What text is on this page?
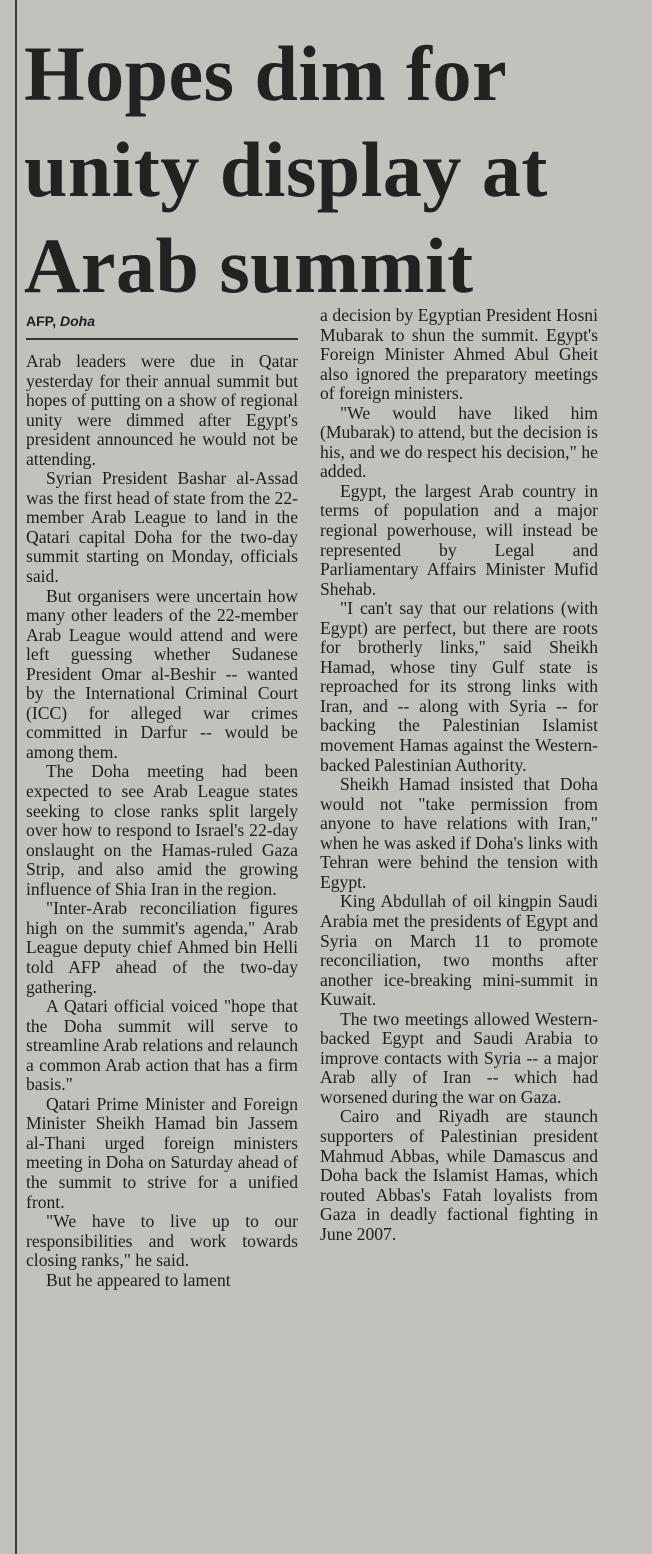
Hopes dim for
unity display at
Arab summit
AFP, Doha

Arab leaders were due in Qatar yesterday for their annual summit but hopes of putting on a show of regional unity were dimmed after Egypt's president announced he would not be attending.

Syrian President Bashar al-Assad was the first head of state from the 22-member Arab League to land in the Qatari capital Doha for the two-day summit starting on Monday, officials said.

But organisers were uncertain how many other leaders of the 22-member Arab League would attend and were left guessing whether Sudanese President Omar al-Beshir -- wanted by the International Criminal Court (ICC) for alleged war crimes committed in Darfur -- would be among them.

The Doha meeting had been expected to see Arab League states seeking to close ranks split largely over how to respond to Israel's 22-day onslaught on the Hamas-ruled Gaza Strip, and also amid the growing influence of Shia Iran in the region.

"Inter-Arab reconciliation figures high on the summit's agenda," Arab League deputy chief Ahmed bin Helli told AFP ahead of the two-day gathering.

A Qatari official voiced "hope that the Doha summit will serve to streamline Arab relations and relaunch a common Arab action that has a firm basis."

Qatari Prime Minister and Foreign Minister Sheikh Hamad bin Jassem al-Thani urged foreign ministers meeting in Doha on Saturday ahead of the summit to strive for a unified front.

"We have to live up to our responsibilities and work towards closing ranks," he said.

But he appeared to lament

a decision by Egyptian President Hosni Mubarak to shun the summit. Egypt's Foreign Minister Ahmed Abul Gheit also ignored the preparatory meetings of foreign ministers.

"We would have liked him (Mubarak) to attend, but the decision is his, and we do respect his decision," he added.

Egypt, the largest Arab country in terms of population and a major regional powerhouse, will instead be represented by Legal and Parliamentary Affairs Minister Mufid Shehab.

"I can't say that our relations (with Egypt) are perfect, but there are roots for brotherly links," said Sheikh Hamad, whose tiny Gulf state is reproached for its strong links with Iran, and -- along with Syria -- for backing the Palestinian Islamist movement Hamas against the Western-backed Palestinian Authority.

Sheikh Hamad insisted that Doha would not "take permission from anyone to have relations with Iran," when he was asked if Doha's links with Tehran were behind the tension with Egypt.

King Abdullah of oil kingpin Saudi Arabia met the presidents of Egypt and Syria on March 11 to promote reconciliation, two months after another ice-breaking mini-summit in Kuwait.

The two meetings allowed Western-backed Egypt and Saudi Arabia to improve contacts with Syria -- a major Arab ally of Iran -- which had worsened during the war on Gaza.

Cairo and Riyadh are staunch supporters of Palestinian president Mahmud Abbas, while Damascus and Doha back the Islamist Hamas, which routed Abbas's Fatah loyalists from Gaza in deadly factional fighting in June 2007.
